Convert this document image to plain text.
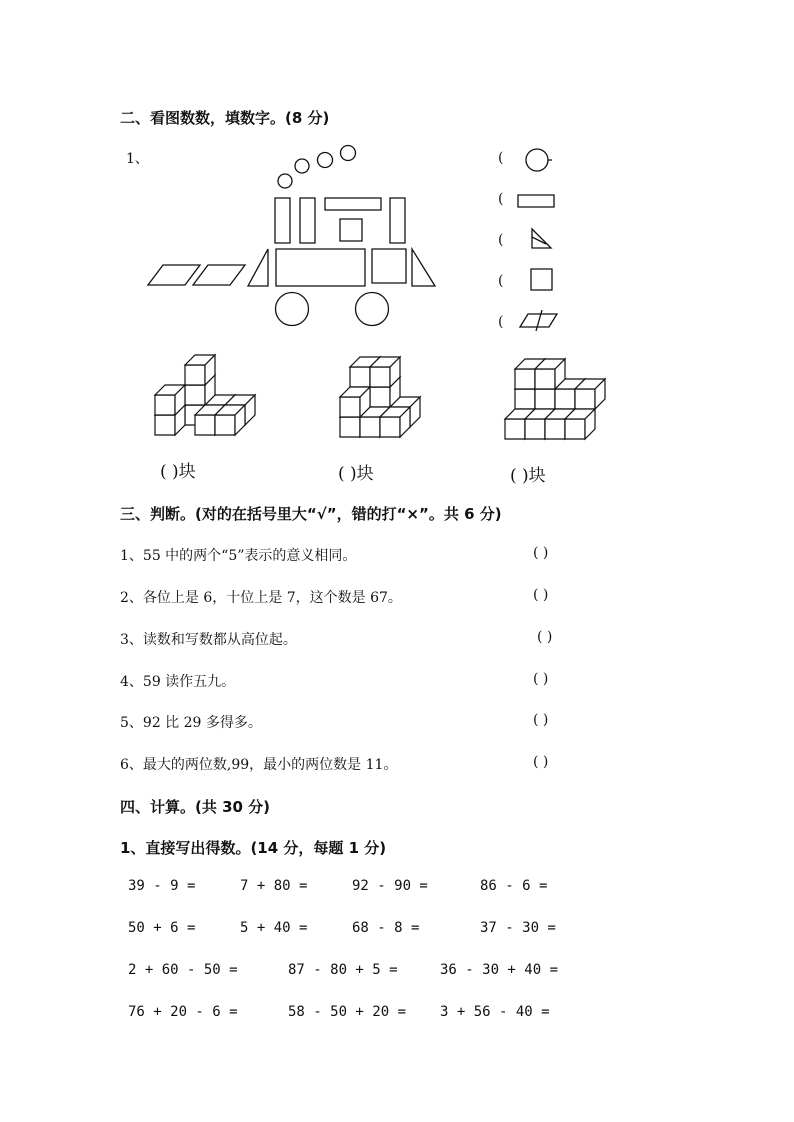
二、看图数数，填数字。(8 分)
1、	(
(
(
(
(
( )块	( )块	( )块
三、判断。(对的在括号里大“√”，错的打“×”。共 6 分)
1、55 中的两个“5”表示的意义相同。	( )
2、各位上是 6，十位上是 7，这个数是 67。	( )
3、读数和写数都从高位起。	( )
4、59 读作五九。	( )
5、92 比 29 多得多。	( )
6、最大的两位数,99，最小的两位数是 11。	( )
四、计算。(共 30 分)
1、直接写出得数。(14 分，每题 1 分)
39 - 9 =	7 + 80 =	92 - 90 =	86 - 6 =
50 + 6 =	5 + 40 =	68 - 8 =	37 - 30 =
2 + 60 - 50 =	87 - 80 + 5 =	36 - 30 + 40 =
76 + 20 - 6 =	58 - 50 + 20 = 3 + 56 - 40 =
